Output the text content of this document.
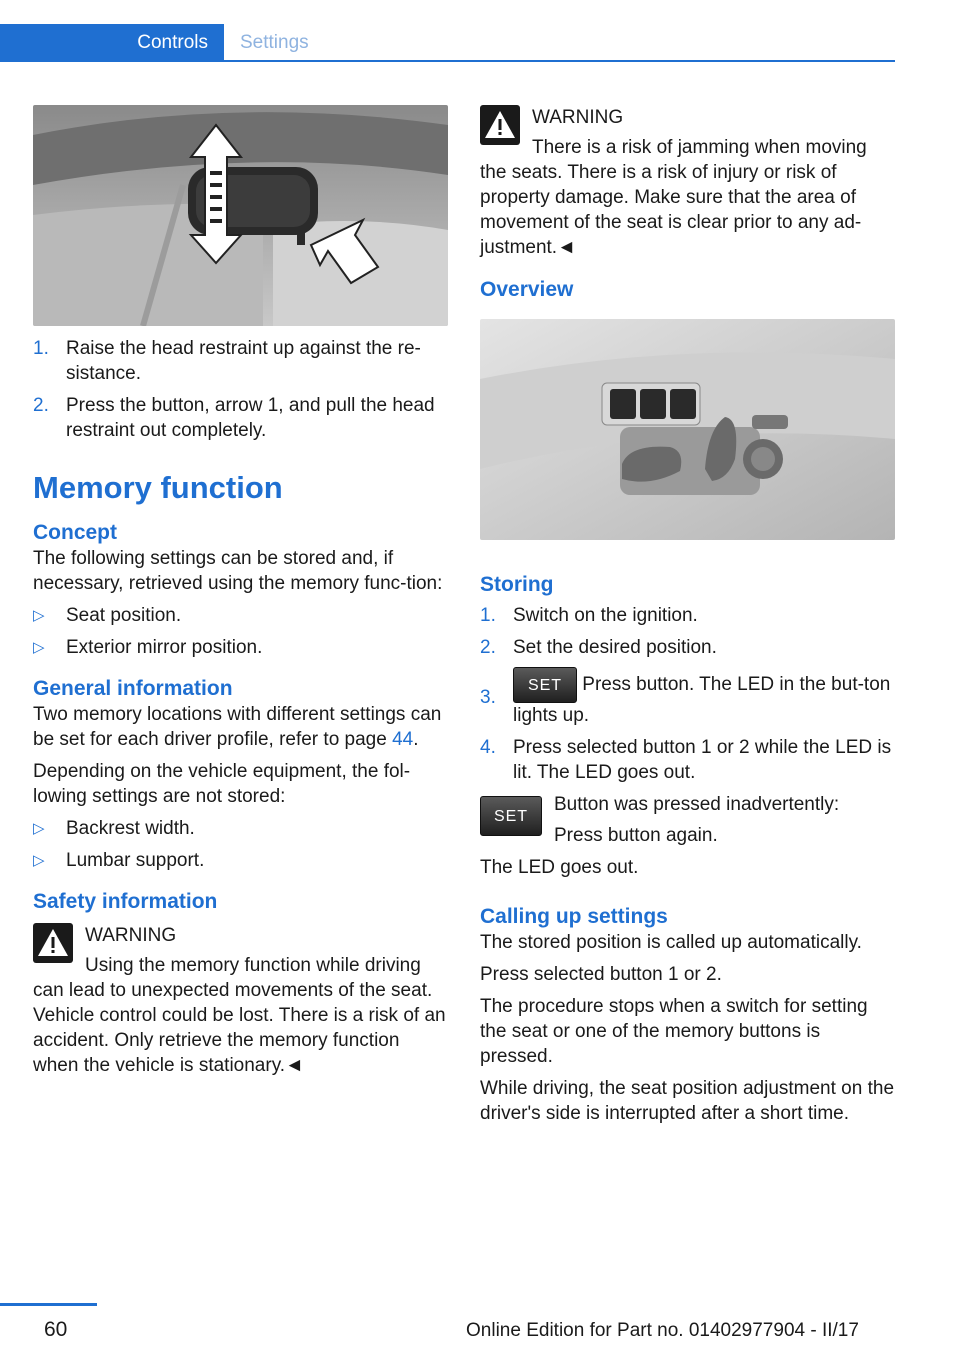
Controls	Settings
1. Raise the head restraint up against the re‐sistance.
2. Press the button, arrow 1, and pull the head restraint out completely.
Memory function
Concept

The following settings can be stored and, if necessary, retrieved using the memory func‐tion:

▷ Seat position.
▷ Exterior mirror position.
General information

Two memory locations with different settings can be set for each driver profile, refer to page 44.

Depending on the vehicle equipment, the fol‐lowing settings are not stored:

▷ Backrest width.
▷ Lumbar support.
Safety information
WARNING
Using the memory function while driving can lead to unexpected movements of the seat. Vehicle control could be lost. There is a risk of an accident. Only retrieve the memory function when the vehicle is stationary.◄
WARNING
There is a risk of jamming when moving
the seats. There is a risk of injury or risk of property damage. Make sure that the area of movement of the seat is clear prior to any ad‐justment.◄
Overview
Storing
1. Switch on the ignition.
2. Set the desired position.
3.
SET Press button. The LED in the but‐ton lights up.
4. Press selected button 1 or 2 while the LED is lit. The LED goes out.
SET

Button was pressed inadvertently:

Press button again.

The LED goes out.

Calling up settings

The stored position is called up automatically.

Press selected button 1 or 2.

The procedure stops when a switch for setting the seat or one of the memory buttons is pressed.

While driving, the seat position adjustment on the driver's side is interrupted after a short time.

60	Online Edition for Part no. 01402977904 - II/17
